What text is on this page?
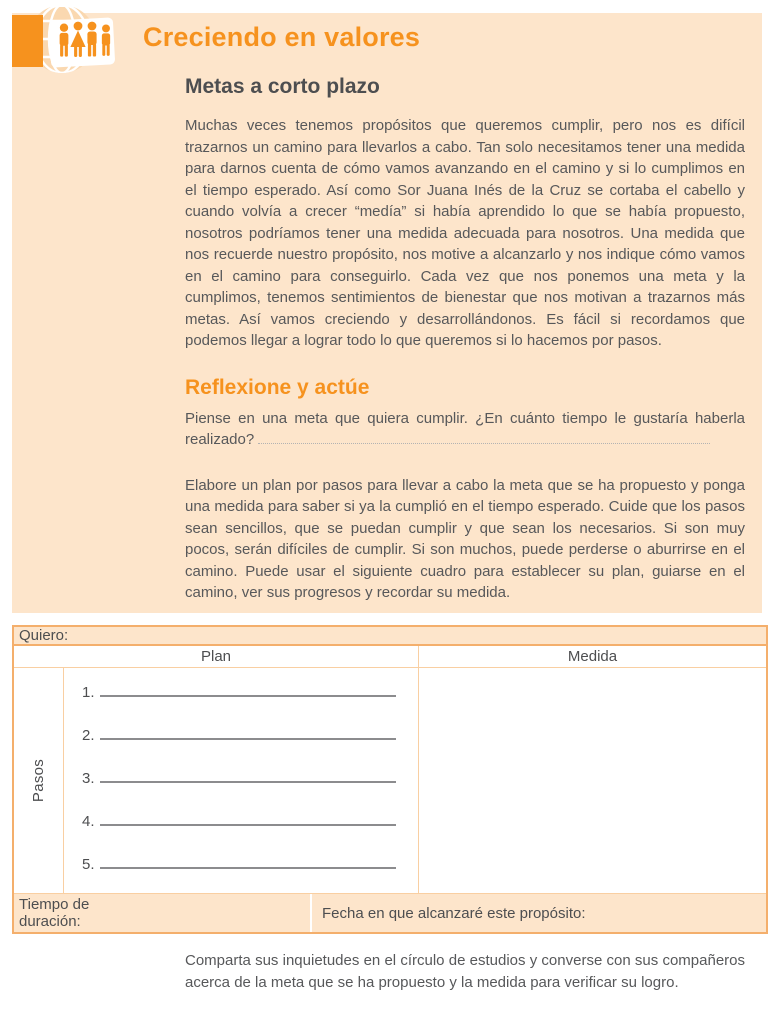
Creciendo en valores
Metas a corto plazo

Muchas veces tenemos propósitos que queremos cumplir, pero nos es difícil trazarnos un camino para llevarlos a cabo. Tan solo necesitamos tener una medida para darnos cuenta de cómo vamos avanzando en el camino y si lo cumplimos en el tiempo esperado. Así como Sor Juana Inés de la Cruz se cortaba el cabello y cuando volvía a crecer “medía” si había aprendido lo que se había propuesto, nosotros podríamos tener una medida adecuada para nosotros. Una medida que nos recuerde nuestro propósito, nos motive a alcanzarlo y nos indique cómo vamos en el camino para conseguirlo. Cada vez que nos ponemos una meta y la cumplimos, tenemos sentimientos de bienestar que nos motivan a trazarnos más metas. Así vamos creciendo y desarrollándonos. Es fácil si recordamos que podemos llegar a lograr todo lo que queremos si lo hacemos por pasos.

Reflexione y actúe

Piense en una meta que quiera cumplir. ¿En cuánto tiempo le gustaría haberla realizado?

Elabore un plan por pasos para llevar a cabo la meta que se ha propuesto y ponga una medida para saber si ya la cumplió en el tiempo esperado. Cuide que los pasos sean sencillos, que se puedan cumplir y que sean los necesarios. Si son muy pocos, serán difíciles de cumplir. Si son muchos, puede perderse o aburrirse en el camino. Puede usar el siguiente cuadro para establecer su plan, guiarse en el camino, ver sus progresos y recordar su medida.

Quiero:
Plan	Medida
Pasos
1.
2.
3.
4.
5.
Tiempo de duración:	Fecha en que alcanzaré este propósito:

Comparta sus inquietudes en el círculo de estudios y converse con sus compañeros acerca de la meta que se ha propuesto y la medida para verificar su logro.
